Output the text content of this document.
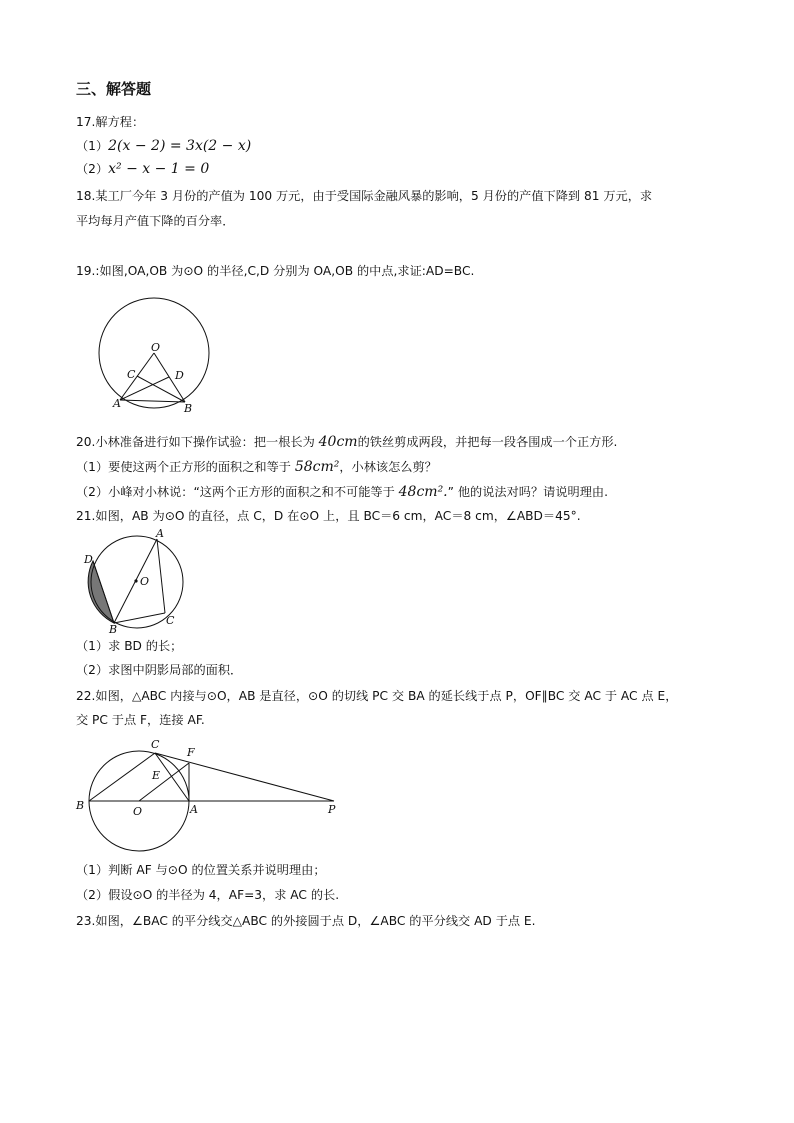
三、解答题
17.解方程：
（1）2(x − 2) = 3x(2 − x)
（2）x² − x − 1 = 0
18.某工厂今年 3 月份的产值为 100 万元，由于受国际金融风暴的影响，5 月份的产值下降到 81 万元，求
平均每月产值下降的百分率．
19.:如图,OA,OB 为⊙O 的半径,C,D 分别为 OA,OB 的中点,求证:AD=BC.
O
C	D
A	B
20.小林准备进行如下操作试验：把一根长为 40cm的铁丝剪成两段，并把每一段各围成一个正方形.
（1）要使这两个正方形的面积之和等于 58cm²，小林该怎么剪？
（2）小峰对小林说：“这两个正方形的面积之和不可能等于 48cm².” 他的说法对吗？请说明理由.
21.如图，AB 为⊙O 的直径，点 C，D 在⊙O 上，且 BC＝6 cm，AC＝8 cm，∠ABD＝45°.
D
A
O
B
C
（1）求 BD 的长；
（2）求图中阴影局部的面积．
22.如图，△ABC 内接与⊙O，AB 是直径，⊙O 的切线 PC 交 BA 的延长线于点 P，OF∥BC 交 AC 于 AC 点 E，
交 PC 于点 F，连接 AF.
C
F
E
B	O	A	P
（1）判断 AF 与⊙O 的位置关系并说明理由；
（2）假设⊙O 的半径为 4，AF=3，求 AC 的长.
23.如图，∠BAC 的平分线交△ABC 的外接圆于点 D，∠ABC 的平分线交 AD 于点 E.
